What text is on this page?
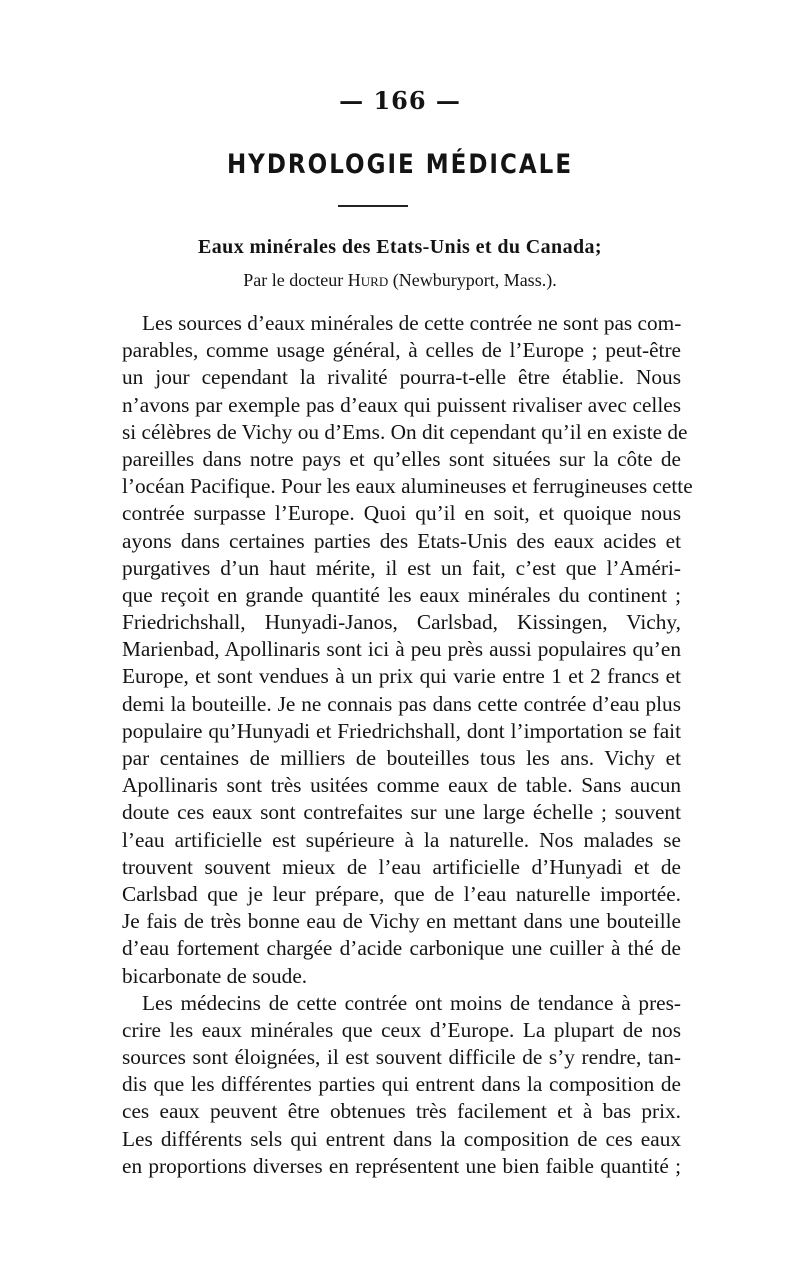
— 166 —
HYDROLOGIE MÉDICALE
Eaux minérales des Etats-Unis et du Canada;
Par le docteur Hurd (Newburyport, Mass.).
Les sources d’eaux minérales de cette contrée ne sont pas com-
parables, comme usage général, à celles de l’Europe ; peut-être
un jour cependant la rivalité pourra-t-elle être établie. Nous
n’avons par exemple pas d’eaux qui puissent rivaliser avec celles
si célèbres de Vichy ou d’Ems. On dit cependant qu’il en existe de
pareilles dans notre pays et qu’elles sont situées sur la côte de
l’océan Pacifique. Pour les eaux alumineuses et ferrugineuses cette
contrée surpasse l’Europe. Quoi qu’il en soit, et quoique nous
ayons dans certaines parties des Etats-Unis des eaux acides et
purgatives d’un haut mérite, il est un fait, c’est que l’Améri-
que reçoit en grande quantité les eaux minérales du continent ;
Friedrichshall, Hunyadi-Janos, Carlsbad, Kissingen, Vichy,
Marienbad, Apollinaris sont ici à peu près aussi populaires qu’en
Europe, et sont vendues à un prix qui varie entre 1 et 2 francs et
demi la bouteille. Je ne connais pas dans cette contrée d’eau plus
populaire qu’Hunyadi et Friedrichshall, dont l’importation se fait
par centaines de milliers de bouteilles tous les ans. Vichy et
Apollinaris sont très usitées comme eaux de table. Sans aucun
doute ces eaux sont contrefaites sur une large échelle ; souvent
l’eau artificielle est supérieure à la naturelle. Nos malades se
trouvent souvent mieux de l’eau artificielle d’Hunyadi et de
Carlsbad que je leur prépare, que de l’eau naturelle importée.
Je fais de très bonne eau de Vichy en mettant dans une bouteille
d’eau fortement chargée d’acide carbonique une cuiller à thé de
bicarbonate de soude.
Les médecins de cette contrée ont moins de tendance à pres-
crire les eaux minérales que ceux d’Europe. La plupart de nos
sources sont éloignées, il est souvent difficile de s’y rendre, tan-
dis que les différentes parties qui entrent dans la composition de
ces eaux peuvent être obtenues très facilement et à bas prix.
Les différents sels qui entrent dans la composition de ces eaux
en proportions diverses en représentent une bien faible quantité ;
